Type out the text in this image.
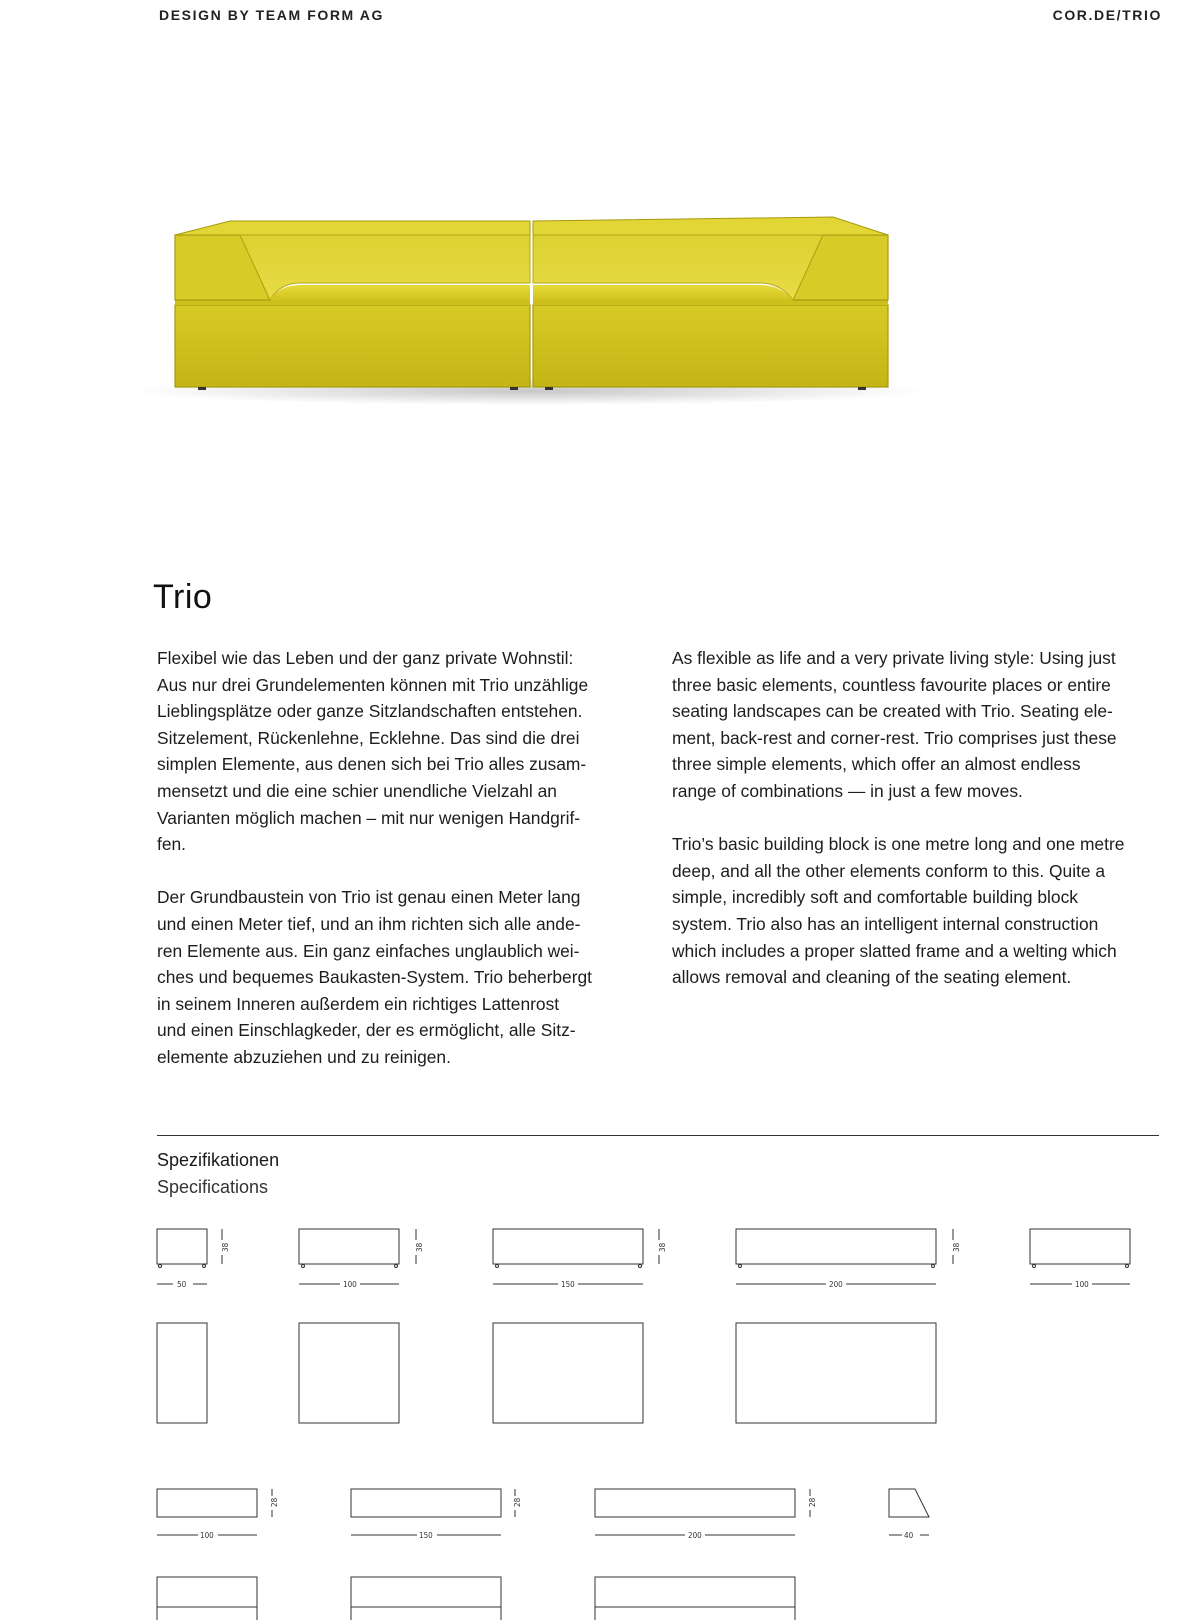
DESIGN BY TEAM FORM AG	COR.DE/TRIO
Trio

Flexibel wie das Leben und der ganz private Wohnstil:
Aus nur drei Grundelementen können mit Trio unzählige
Lieblingsplätze oder ganze Sitzlandschaften entstehen.
Sitzelement, Rückenlehne, Ecklehne. Das sind die drei
simplen Elemente, aus denen sich bei Trio alles zusam-
mensetzt und die eine schier unendliche Vielzahl an
Varianten möglich machen – mit nur wenigen Handgrif-
fen.

Der Grundbaustein von Trio ist genau einen Meter lang
und einen Meter tief, und an ihm richten sich alle ande-
ren Elemente aus. Ein ganz einfaches unglaublich wei-
ches und bequemes Baukasten-System. Trio beherbergt
in seinem Inneren außerdem ein richtiges Lattenrost
und einen Einschlagkeder, der es ermöglicht, alle Sitz-
elemente abzuziehen und zu reinigen.

As flexible as life and a very private living style: Using just
three basic elements, countless favourite places or entire
seating landscapes can be created with Trio. Seating ele-
ment, back-rest and corner-rest. Trio comprises just these
three simple elements, which offer an almost endless
range of combinations — in just a few moves.

Trio’s basic building block is one metre long and one metre
deep, and all the other elements conform to this. Quite a
simple, incredibly soft and comfortable building block
system. Trio also has an intelligent internal construction
which includes a proper slatted frame and a welting which
allows removal and cleaning of the seating element.

Spezifikationen
Specifications
50
38
100
38
150
38
200
38
100
100
28
150
28
200
28
40
